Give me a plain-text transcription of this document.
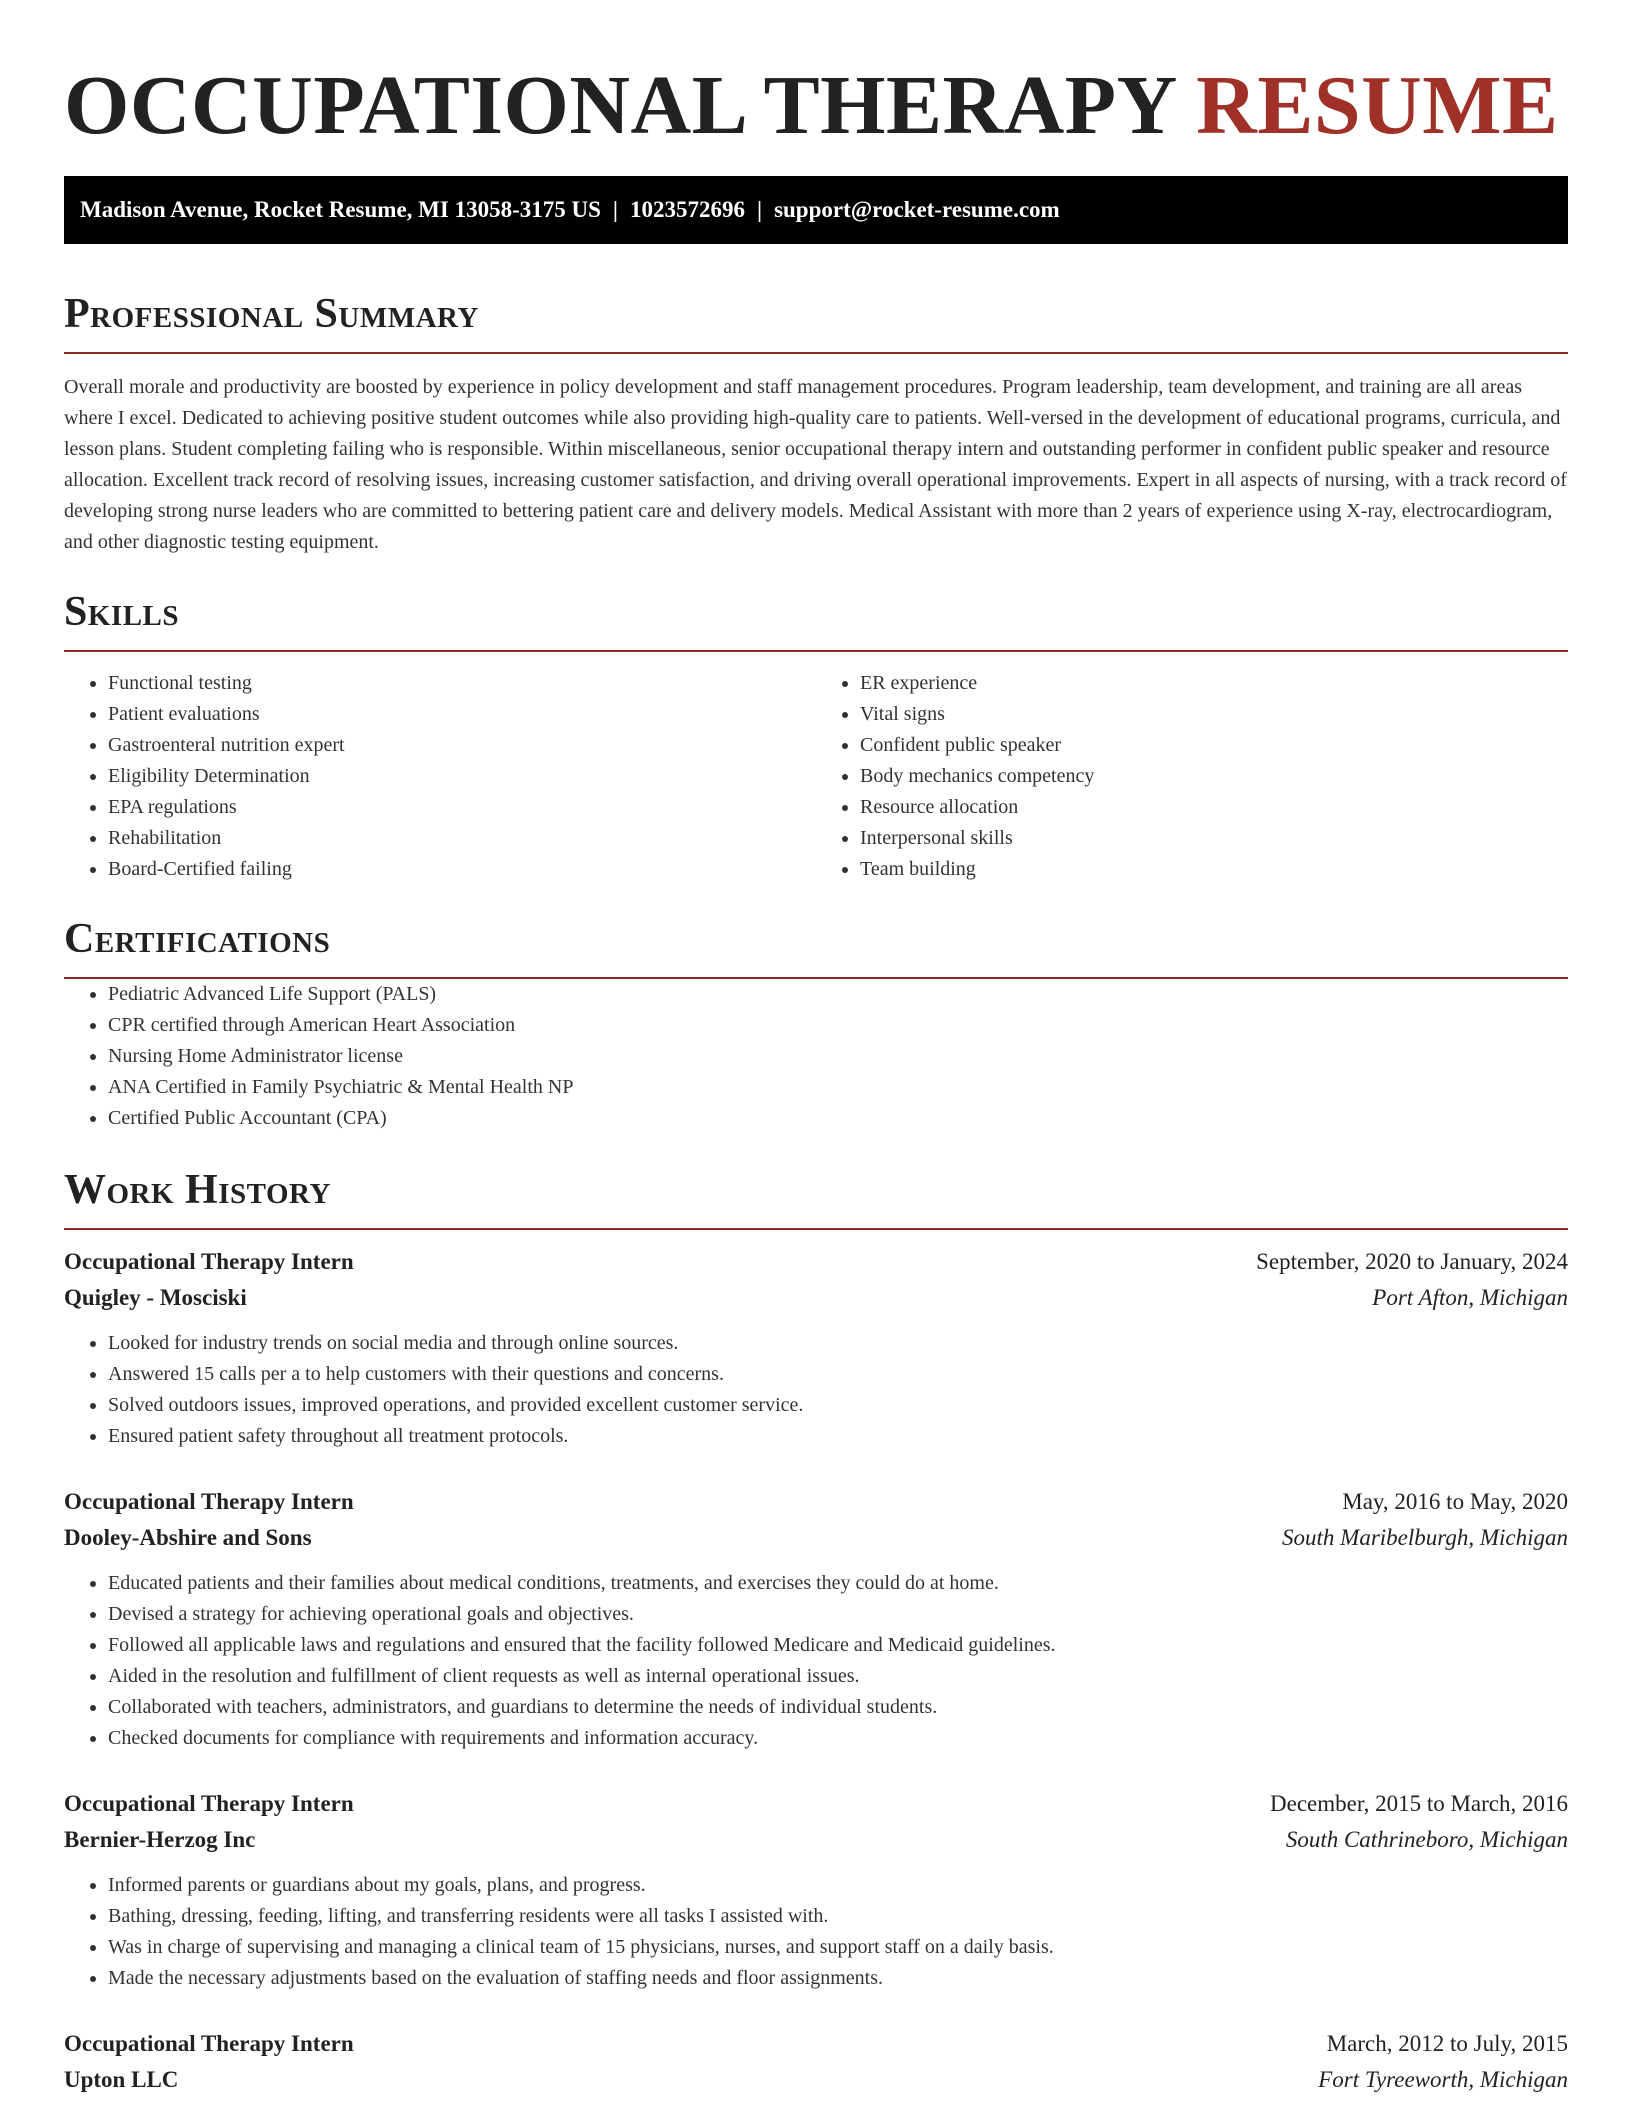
OCCUPATIONAL THERAPY RESUME
Madison Avenue, Rocket Resume, MI 13058-3175 US | 1023572696 | support@rocket-resume.com
Professional Summary

Overall morale and productivity are boosted by experience in policy development and staff management procedures. Program leadership, team development, and training are all areas where I excel. Dedicated to achieving positive student outcomes while also providing high-quality care to patients. Well-versed in the development of educational programs, curricula, and lesson plans. Student completing failing who is responsible. Within miscellaneous, senior occupational therapy intern and outstanding performer in confident public speaker and resource allocation. Excellent track record of resolving issues, increasing customer satisfaction, and driving overall operational improvements. Expert in all aspects of nursing, with a track record of developing strong nurse leaders who are committed to bettering patient care and delivery models. Medical Assistant with more than 2 years of experience using X-ray, electrocardiogram, and other diagnostic testing equipment.

Skills
• Functional testing
• Patient evaluations
• Gastroenteral nutrition expert
• Eligibility Determination
• EPA regulations
• Rehabilitation
• Board-Certified failing
• ER experience
• Vital signs
• Confident public speaker
• Body mechanics competency
• Resource allocation
• Interpersonal skills
• Team building
Certifications
• Pediatric Advanced Life Support (PALS)
• CPR certified through American Heart Association
• Nursing Home Administrator license
• ANA Certified in Family Psychiatric & Mental Health NP
• Certified Public Accountant (CPA)
Work History
Occupational Therapy Intern	September, 2020 to January, 2024
Quigley - Mosciski	Port Afton, Michigan
• Looked for industry trends on social media and through online sources.
• Answered 15 calls per a to help customers with their questions and concerns.
• Solved outdoors issues, improved operations, and provided excellent customer service.
• Ensured patient safety throughout all treatment protocols.
Occupational Therapy Intern	May, 2016 to May, 2020
Dooley-Abshire and Sons	South Maribelburgh, Michigan
• Educated patients and their families about medical conditions, treatments, and exercises they could do at home.
• Devised a strategy for achieving operational goals and objectives.
• Followed all applicable laws and regulations and ensured that the facility followed Medicare and Medicaid guidelines.
• Aided in the resolution and fulfillment of client requests as well as internal operational issues.
• Collaborated with teachers, administrators, and guardians to determine the needs of individual students.
• Checked documents for compliance with requirements and information accuracy.
Occupational Therapy Intern	December, 2015 to March, 2016
Bernier-Herzog Inc	South Cathrineboro, Michigan
• Informed parents or guardians about my goals, plans, and progress.
• Bathing, dressing, feeding, lifting, and transferring residents were all tasks I assisted with.
• Was in charge of supervising and managing a clinical team of 15 physicians, nurses, and support staff on a daily basis.
• Made the necessary adjustments based on the evaluation of staffing needs and floor assignments.
Occupational Therapy Intern	March, 2012 to July, 2015
Upton LLC	Fort Tyreeworth, Michigan
